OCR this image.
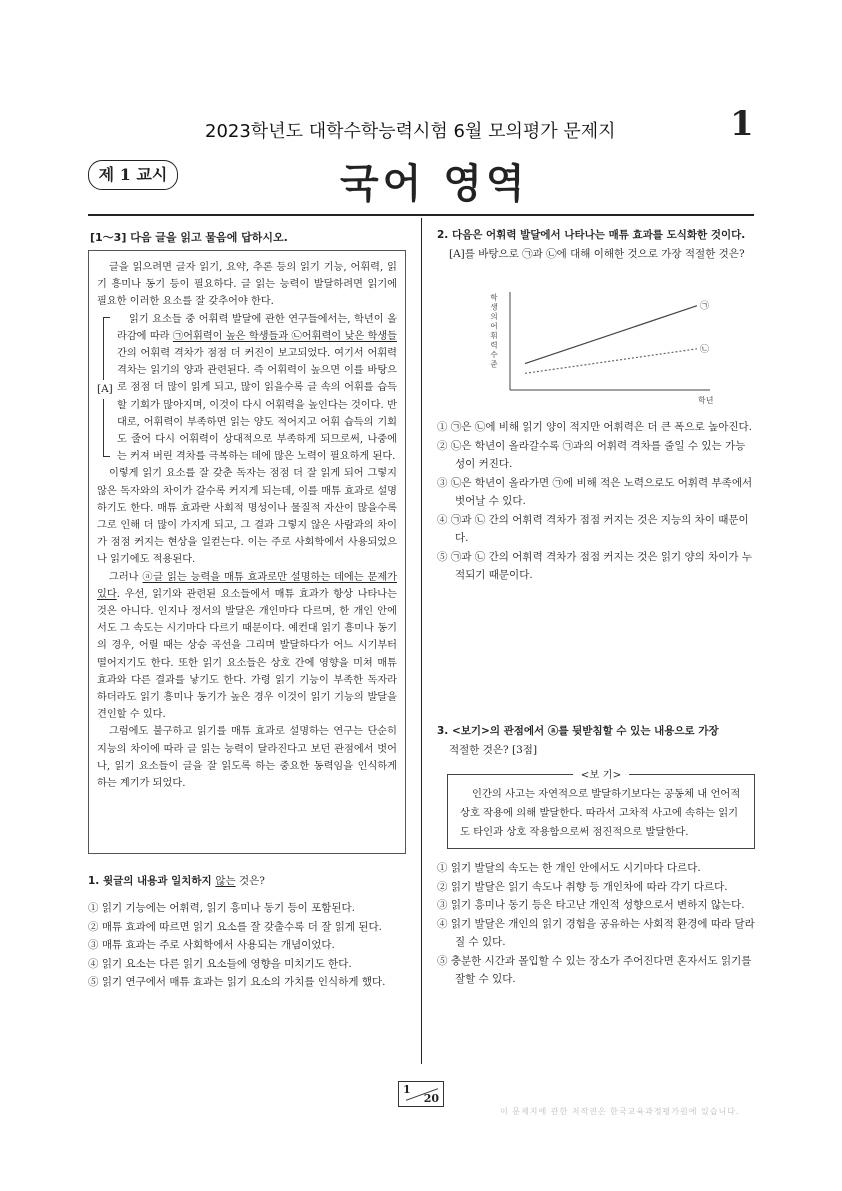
2023학년도 대학수학능력시험 6월 모의평가 문제지	1
제 1 교시	국어 영역
[1～3] 다음 글을 읽고 물음에 답하시오.

글을 읽으려면 글자 읽기, 요약, 추론 등의 읽기 기능, 어휘력, 읽기 흥미나 동기 등이 필요하다. 글 읽는 능력이 발달하려면 읽기에 필요한 이러한 요소를 잘 갖추어야 한다.

[A]

읽기 요소들 중 어휘력 발달에 관한 연구들에서는, 학년이 올라감에 따라 ㉠어휘력이 높은 학생들과 ㉡어휘력이 낮은 학생들 간의 어휘력 격차가 점점 더 커진이 보고되었다. 여기서 어휘력 격차는 읽기의 양과 관련된다. 즉 어휘력이 높으면 이를 바탕으로 점점 더 많이 읽게 되고, 많이 읽을수록 글 속의 어휘를 습득할 기회가 많아지며, 이것이 다시 어휘력을 높인다는 것이다. 반대로, 어휘력이 부족하면 읽는 양도 적어지고 어휘 습득의 기회도 줄어 다시 어휘력이 상대적으로 부족하게 되므로써, 나중에는 커져 버린 격차를 극복하는 데에 많은 노력이 필요하게 된다.

이렇게 읽기 요소를 잘 갖춘 독자는 점점 더 잘 읽게 되어 그렇지 않은 독자와의 차이가 갈수록 커지게 되는데, 이를 매튜 효과로 설명하기도 한다. 매튜 효과란 사회적 명성이나 물질적 자산이 많을수록 그로 인해 더 많이 가지게 되고, 그 결과 그렇지 않은 사람과의 차이가 점점 커지는 현상을 일컫는다. 이는 주로 사회학에서 사용되었으나 읽기에도 적용된다.

그러나 ⓐ글 읽는 능력을 매튜 효과로만 설명하는 데에는 문제가 있다. 우선, 읽기와 관련된 요소들에서 매튜 효과가 항상 나타나는 것은 아니다. 인지나 정서의 발달은 개인마다 다르며, 한 개인 안에서도 그 속도는 시기마다 다르기 때문이다. 예컨대 읽기 흥미나 동기의 경우, 어릴 때는 상승 곡선을 그리며 발달하다가 어느 시기부터 떨어지기도 한다. 또한 읽기 요소들은 상호 간에 영향을 미쳐 매튜 효과와 다른 결과를 낳기도 한다. 가령 읽기 기능이 부족한 독자라 하더라도 읽기 흥미나 동기가 높은 경우 이것이 읽기 기능의 발달을 견인할 수 있다.

그럼에도 불구하고 읽기를 매튜 효과로 설명하는 연구는 단순히 지능의 차이에 따라 글 읽는 능력이 달라진다고 보던 관점에서 벗어나, 읽기 요소들이 글을 잘 읽도록 하는 중요한 동력임을 인식하게 하는 계기가 되었다.

1. 윗글의 내용과 일치하지 않는 것은?
① 읽기 기능에는 어휘력, 읽기 흥미나 동기 등이 포함된다.
② 매튜 효과에 따르면 읽기 요소를 잘 갖출수록 더 잘 읽게 된다.
③ 매튜 효과는 주로 사회학에서 사용되는 개념이었다.
④ 읽기 요소는 다른 읽기 요소들에 영향을 미치기도 한다.
⑤ 읽기 연구에서 매튜 효과는 읽기 요소의 가치를 인식하게 했다.
2. 다음은 어휘력 발달에서 나타나는 매튜 효과를 도식화한 것이다.
[A]를 바탕으로 ㉠과 ㉡에 대해 이해한 것으로 가장 적절한 것은?
㉠
㉡
학년
학
생
의
어
휘
력
수
준
① ㉠은 ㉡에 비해 읽기 양이 적지만 어휘력은 더 큰 폭으로 높아진다.
② ㉡은 학년이 올라갈수록 ㉠과의 어휘력 격차를 줄일 수 있는 가능성이 커진다.
③ ㉡은 학년이 올라가면 ㉠에 비해 적은 노력으로도 어휘력 부족에서 벗어날 수 있다.
④ ㉠과 ㉡ 간의 어휘력 격차가 점점 커지는 것은 지능의 차이 때문이다.
⑤ ㉠과 ㉡ 간의 어휘력 격차가 점점 커지는 것은 읽기 양의 차이가 누적되기 때문이다.
3. <보기>의 관점에서 ⓐ를 뒷받침할 수 있는 내용으로 가장
적절한 것은? [3점]
<보 기>
인간의 사고는 자연적으로 발달하기보다는 공동체 내 언어적 상호 작용에 의해 발달한다. 따라서 고차적 사고에 속하는 읽기도 타인과 상호 작용함으로써 점진적으로 발달한다.
① 읽기 발달의 속도는 한 개인 안에서도 시기마다 다르다.
② 읽기 발달은 읽기 속도나 취향 등 개인차에 따라 각기 다르다.
③ 읽기 흥미나 동기 등은 타고난 개인적 성향으로서 변하지 않는다.
④ 읽기 발달은 개인의 읽기 경험을 공유하는 사회적 환경에 따라 달라질 수 있다.
⑤ 충분한 시간과 몰입할 수 있는 장소가 주어진다면 혼자서도 읽기를 잘할 수 있다.
1
20
이 문제지에 관한 저작권은 한국교육과정평가원에 있습니다.
